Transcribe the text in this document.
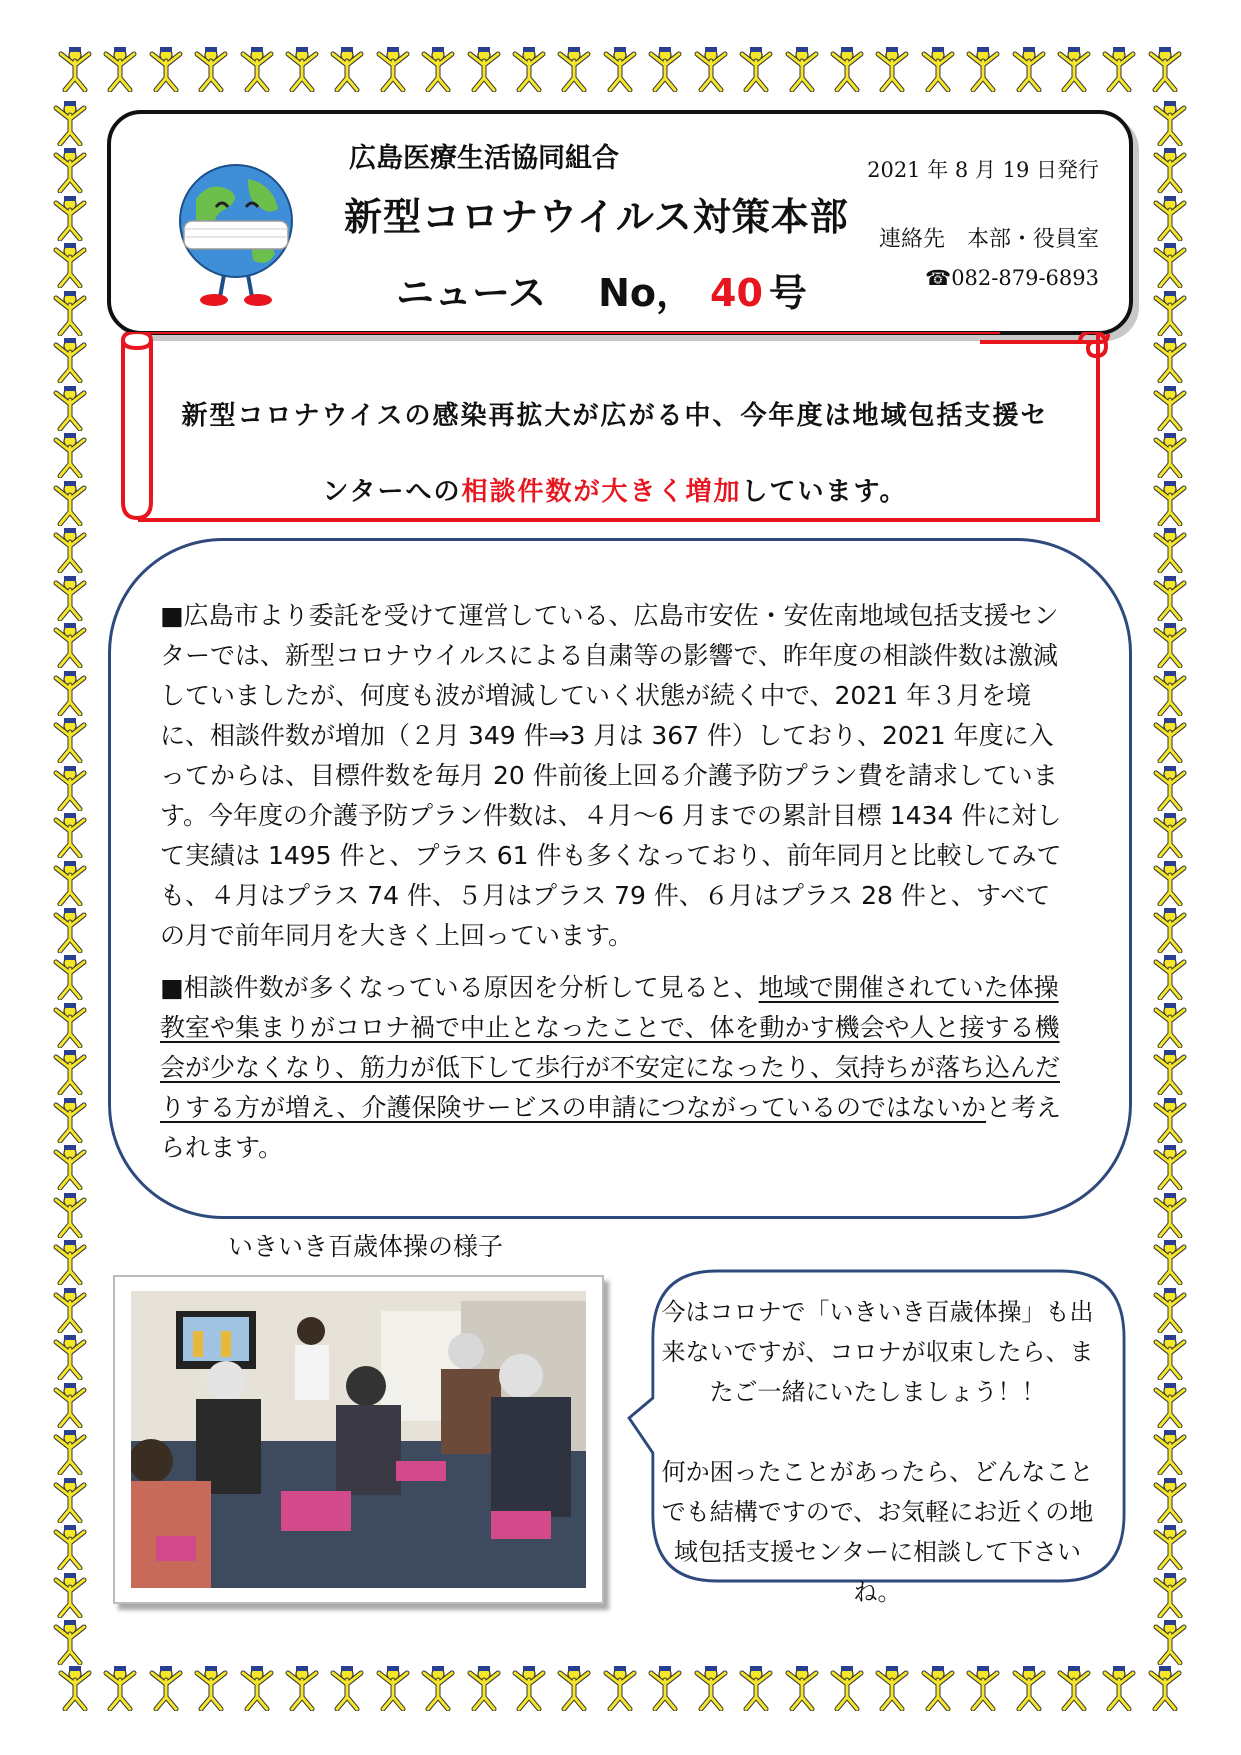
広島医療生活協同組合
新型コロナウイルス対策本部
ニュース No， 40 号
2021 年 8 月 19 日発行
連絡先　本部・役員室
☎082-879-6893
新型コロナウイスの感染再拡大が広がる中、今年度は地域包括支援セ
ンターへの相談件数が大きく増加しています。
■広島市より委託を受けて運営している、広島市安佐・安佐南地域包括支援センターでは、新型コロナウイルスによる自粛等の影響で、昨年度の相談件数は激減していましたが、何度も波が増減していく状態が続く中で、2021 年３月を境に、相談件数が増加（２月 349 件⇒3 月は 367 件）しており、2021 年度に入ってからは、目標件数を毎月 20 件前後上回る介護予防プラン費を請求しています。今年度の介護予防プラン件数は、４月～6 月までの累計目標 1434 件に対して実績は 1495 件と、プラス 61 件も多くなっており、前年同月と比較してみても、４月はプラス 74 件、５月はプラス 79 件、６月はプラス 28 件と、すべての月で前年同月を大きく上回っています。
■相談件数が多くなっている原因を分析して見ると、地域で開催されていた体操教室や集まりがコロナ禍で中止となったことで、体を動かす機会や人と接する機会が少なくなり、筋力が低下して歩行が不安定になったり、気持ちが落ち込んだりする方が増え、介護保険サービスの申請につながっているのではないかと考えられます。
いきいき百歳体操の様子
今はコロナで「いきいき百歳体操」も出来ないですが、コロナが収束したら、またご一緒にいたしましょう！！
何か困ったことがあったら、どんなことでも結構ですので、お気軽にお近くの地域包括支援センターに相談して下さいね。
